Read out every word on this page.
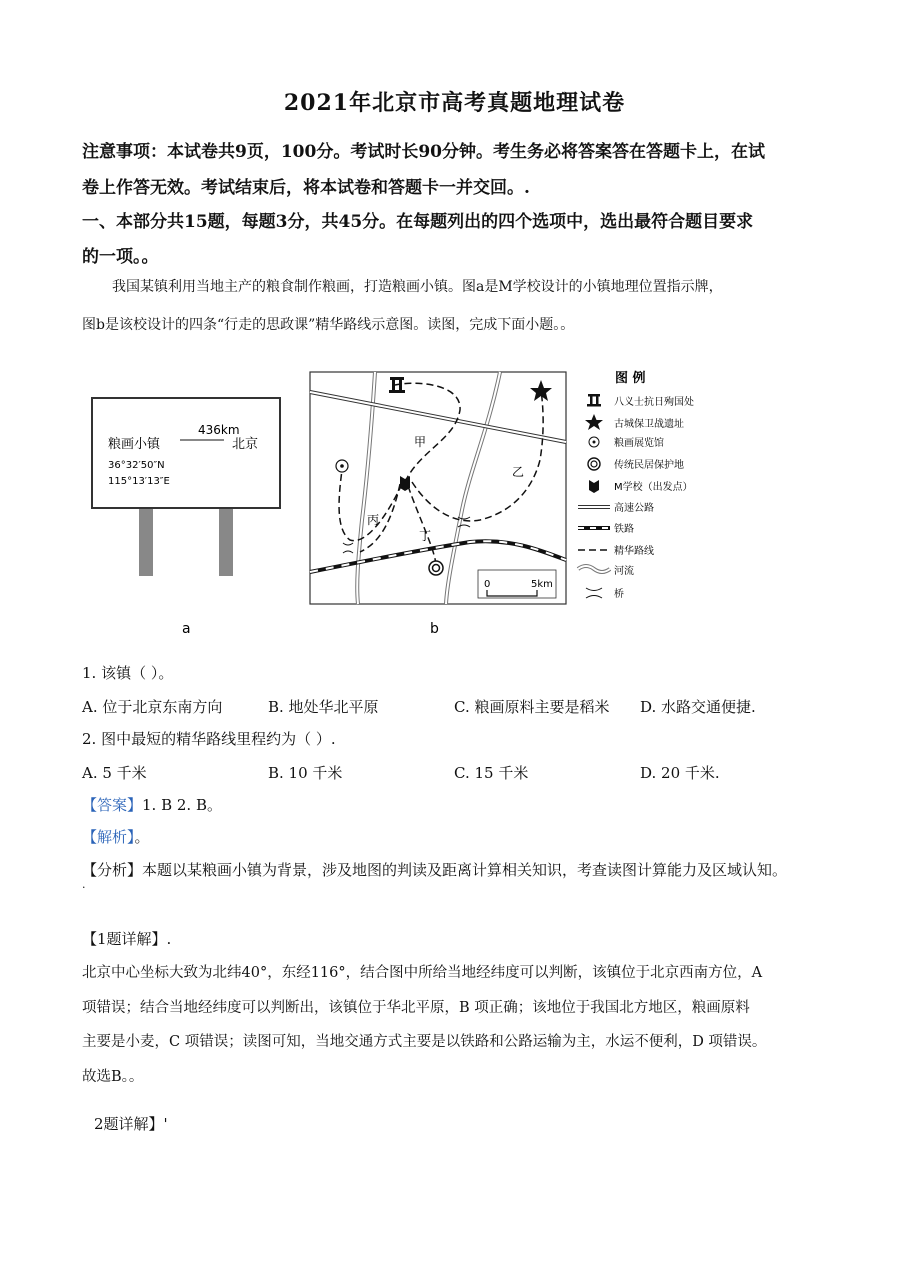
2021年北京市高考真题地理试卷
注意事项：本试卷共9页，100分。考试时长90分钟。考生务必将答案答在答题卡上，在试
卷上作答无效。考试结束后，将本试卷和答题卡一并交回。.
一、本部分共15题，每题3分，共45分。在每题列出的四个选项中，选出最符合题目要求
的一项。。
我国某镇利用当地主产的粮食制作粮画，打造粮画小镇。图a是M学校设计的小镇地理位置指示牌，
图b是该校设计的四条“行走的思政课”精华路线示意图。读图，完成下面小题。。
436km
粮画小镇	北京
36°32′50″N
115°13′13″E
a
甲
乙
丙
丁
0	5km
b
图 例
八义士抗日殉国处
古城保卫战遗址
粮画展览馆
传统民居保护地
M学校（出发点）
高速公路
铁路
精华路线
河流
桥
1. 该镇（ ）。
A. 位于北京东南方向	B. 地处华北平原	C. 粮画原料主要是稻米 D. 水路交通便捷.
2. 图中最短的精华路线里程约为（ ）.
A. 5 千米	B. 10 千米	C. 15 千米	D. 20 千米.
【答案】1. B 2. B。
【解析】。
【分析】本题以某粮画小镇为背景，涉及地图的判读及距离计算相关知识，考查读图计算能力及区域认知。
.
【1题详解】.
北京中心坐标大致为北纬40°，东经116°，结合图中所给当地经纬度可以判断，该镇位于北京西南方位，A
项错误；结合当地经纬度可以判断出，该镇位于华北平原，B 项正确；该地位于我国北方地区，粮画原料
主要是小麦，C 项错误；读图可知，当地交通方式主要是以铁路和公路运输为主，水运不便利，D 项错误。
故选B。。
2题详解】'
